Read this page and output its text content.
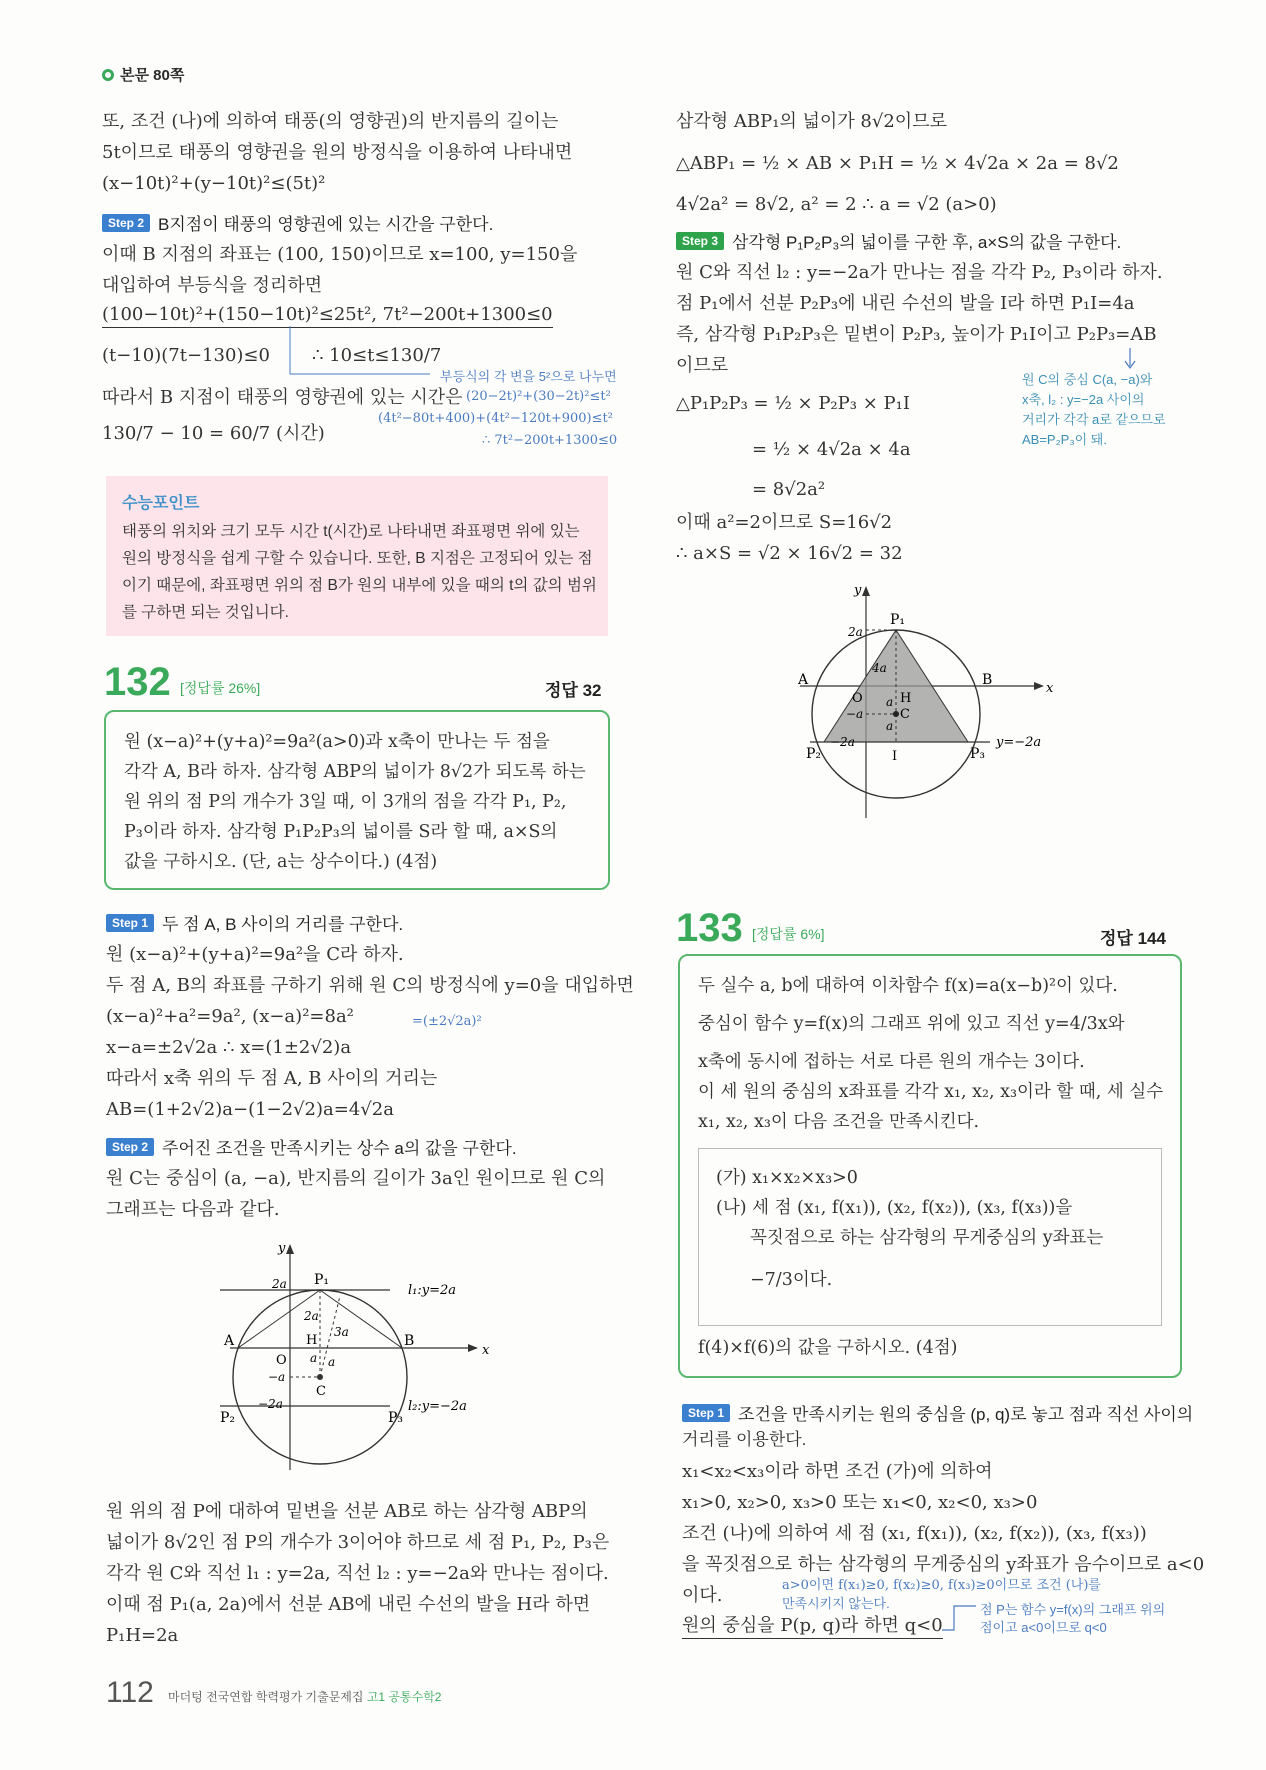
본문 80쪽
또, 조건 (나)에 의하여 태풍(의 영향권)의 반지름의 길이는
5t이므로 태풍의 영향권을 원의 방정식을 이용하여 나타내면
(x−10t)²+(y−10t)²≤(5t)²
Step 2 B지점이 태풍의 영향권에 있는 시간을 구한다.
이때 B 지점의 좌표는 (100, 150)이므로 x=100, y=150을
대입하여 부등식을 정리하면
(100−10t)²+(150−10t)²≤25t², 7t²−200t+1300≤0
(t−10)(7t−130)≤0 ∴ 10≤t≤130/7
따라서 B 지점이 태풍의 영향권에 있는 시간은
130/7 − 10 = 60/7 (시간)
부등식의 각 변을 5²으로 나누면
(20−2t)²+(30−2t)²≤t²
(4t²−80t+400)+(4t²−120t+900)≤t²
∴ 7t²−200t+1300≤0
수능포인트
태풍의 위치와 크기 모두 시간 t(시간)로 나타내면 좌표평면 위에 있는 원의 방정식을 쉽게 구할 수 있습니다. 또한, B 지점은 고정되어 있는 점이기 때문에, 좌표평면 위의 점 B가 원의 내부에 있을 때의 t의 값의 범위를 구하면 되는 것입니다.
132 [정답률 26%]	정답 32
원 (x−a)²+(y+a)²=9a²(a>0)과 x축이 만나는 두 점을
각각 A, B라 하자. 삼각형 ABP의 넓이가 8√2가 되도록 하는
원 위의 점 P의 개수가 3일 때, 이 3개의 점을 각각 P₁, P₂,
P₃이라 하자. 삼각형 P₁P₂P₃의 넓이를 S라 할 때, a×S의
값을 구하시오. (단, a는 상수이다.) (4점)
Step 1 두 점 A, B 사이의 거리를 구한다.
원 (x−a)²+(y+a)²=9a²을 C라 하자.
두 점 A, B의 좌표를 구하기 위해 원 C의 방정식에 y=0을 대입하면
(x−a)²+a²=9a², (x−a)²=8a²	=(±2√2a)²
x−a=±2√2a ∴ x=(1±2√2)a
따라서 x축 위의 두 점 A, B 사이의 거리는
AB=(1+2√2)a−(1−2√2)a=4√2a
Step 2 주어진 조건을 만족시키는 상수 a의 값을 구한다.
원 C는 중심이 (a, −a), 반지름의 길이가 3a인 원이므로 원 C의
그래프는 다음과 같다.
y
x
O
A	B
C
H
P₁
P₂	P₃
l₁:y=2a
l₂:y=−2a
2a
−a
−2a
3a
a a
2a
원 위의 점 P에 대하여 밑변을 선분 AB로 하는 삼각형 ABP의
넓이가 8√2인 점 P의 개수가 3이어야 하므로 세 점 P₁, P₂, P₃은
각각 원 C와 직선 l₁ : y=2a, 직선 l₂ : y=−2a와 만나는 점이다.
이때 점 P₁(a, 2a)에서 선분 AB에 내린 수선의 발을 H라 하면
P₁H=2a
삼각형 ABP₁의 넓이가 8√2이므로
△ABP₁ = ½ × AB × P₁H = ½ × 4√2a × 2a = 8√2
4√2a² = 8√2, a² = 2 ∴ a = √2 (a>0)
Step 3 삼각형 P₁P₂P₃의 넓이를 구한 후, a×S의 값을 구한다.
원 C와 직선 l₂ : y=−2a가 만나는 점을 각각 P₂, P₃이라 하자.
점 P₁에서 선분 P₂P₃에 내린 수선의 발을 I라 하면 P₁I=4a
즉, 삼각형 P₁P₂P₃은 밑변이 P₂P₃, 높이가 P₁I이고 P₂P₃=AB
이므로
△P₁P₂P₃ = ½ × P₂P₃ × P₁I
= ½ × 4√2a × 4a
= 8√2a²
이때 a²=2이므로 S=16√2
∴ a×S = √2 × 16√2 = 32
원 C의 중심 C(a, −a)와
x축, l₂ : y=−2a 사이의
거리가 각각 a로 같으므로
AB=P₂P₃이 돼.
y
x
O
A	B
C
H
I
P₁
P₂	P₃
y=−2a
2a
4a
−a
−2a
a
a
133 [정답률 6%]	정답 144
두 실수 a, b에 대하여 이차함수 f(x)=a(x−b)²이 있다.
중심이 함수 y=f(x)의 그래프 위에 있고 직선 y=4/3x와
x축에 동시에 접하는 서로 다른 원의 개수는 3이다.
이 세 원의 중심의 x좌표를 각각 x₁, x₂, x₃이라 할 때, 세 실수
x₁, x₂, x₃이 다음 조건을 만족시킨다.
(가) x₁×x₂×x₃>0
(나) 세 점 (x₁, f(x₁)), (x₂, f(x₂)), (x₃, f(x₃))을
꼭짓점으로 하는 삼각형의 무게중심의 y좌표는
−7/3이다.
f(4)×f(6)의 값을 구하시오. (4점)
Step 1 조건을 만족시키는 원의 중심을 (p, q)로 놓고 점과 직선 사이의
거리를 이용한다.
x₁<x₂<x₃이라 하면 조건 (가)에 의하여
x₁>0, x₂>0, x₃>0 또는 x₁<0, x₂<0, x₃>0
조건 (나)에 의하여 세 점 (x₁, f(x₁)), (x₂, f(x₂)), (x₃, f(x₃))
을 꼭짓점으로 하는 삼각형의 무게중심의 y좌표가 음수이므로 a<0
이다.
원의 중심을 P(p, q)라 하면 q<0
a>0이면 f(x₁)≥0, f(x₂)≥0, f(x₃)≥0이므로 조건 (나)를
만족시키지 않는다.	점 P는 함수 y=f(x)의 그래프 위의
점이고 a<0이므로 q<0
112 마더텅 전국연합 학력평가 기출문제집 고1 공통수학2
